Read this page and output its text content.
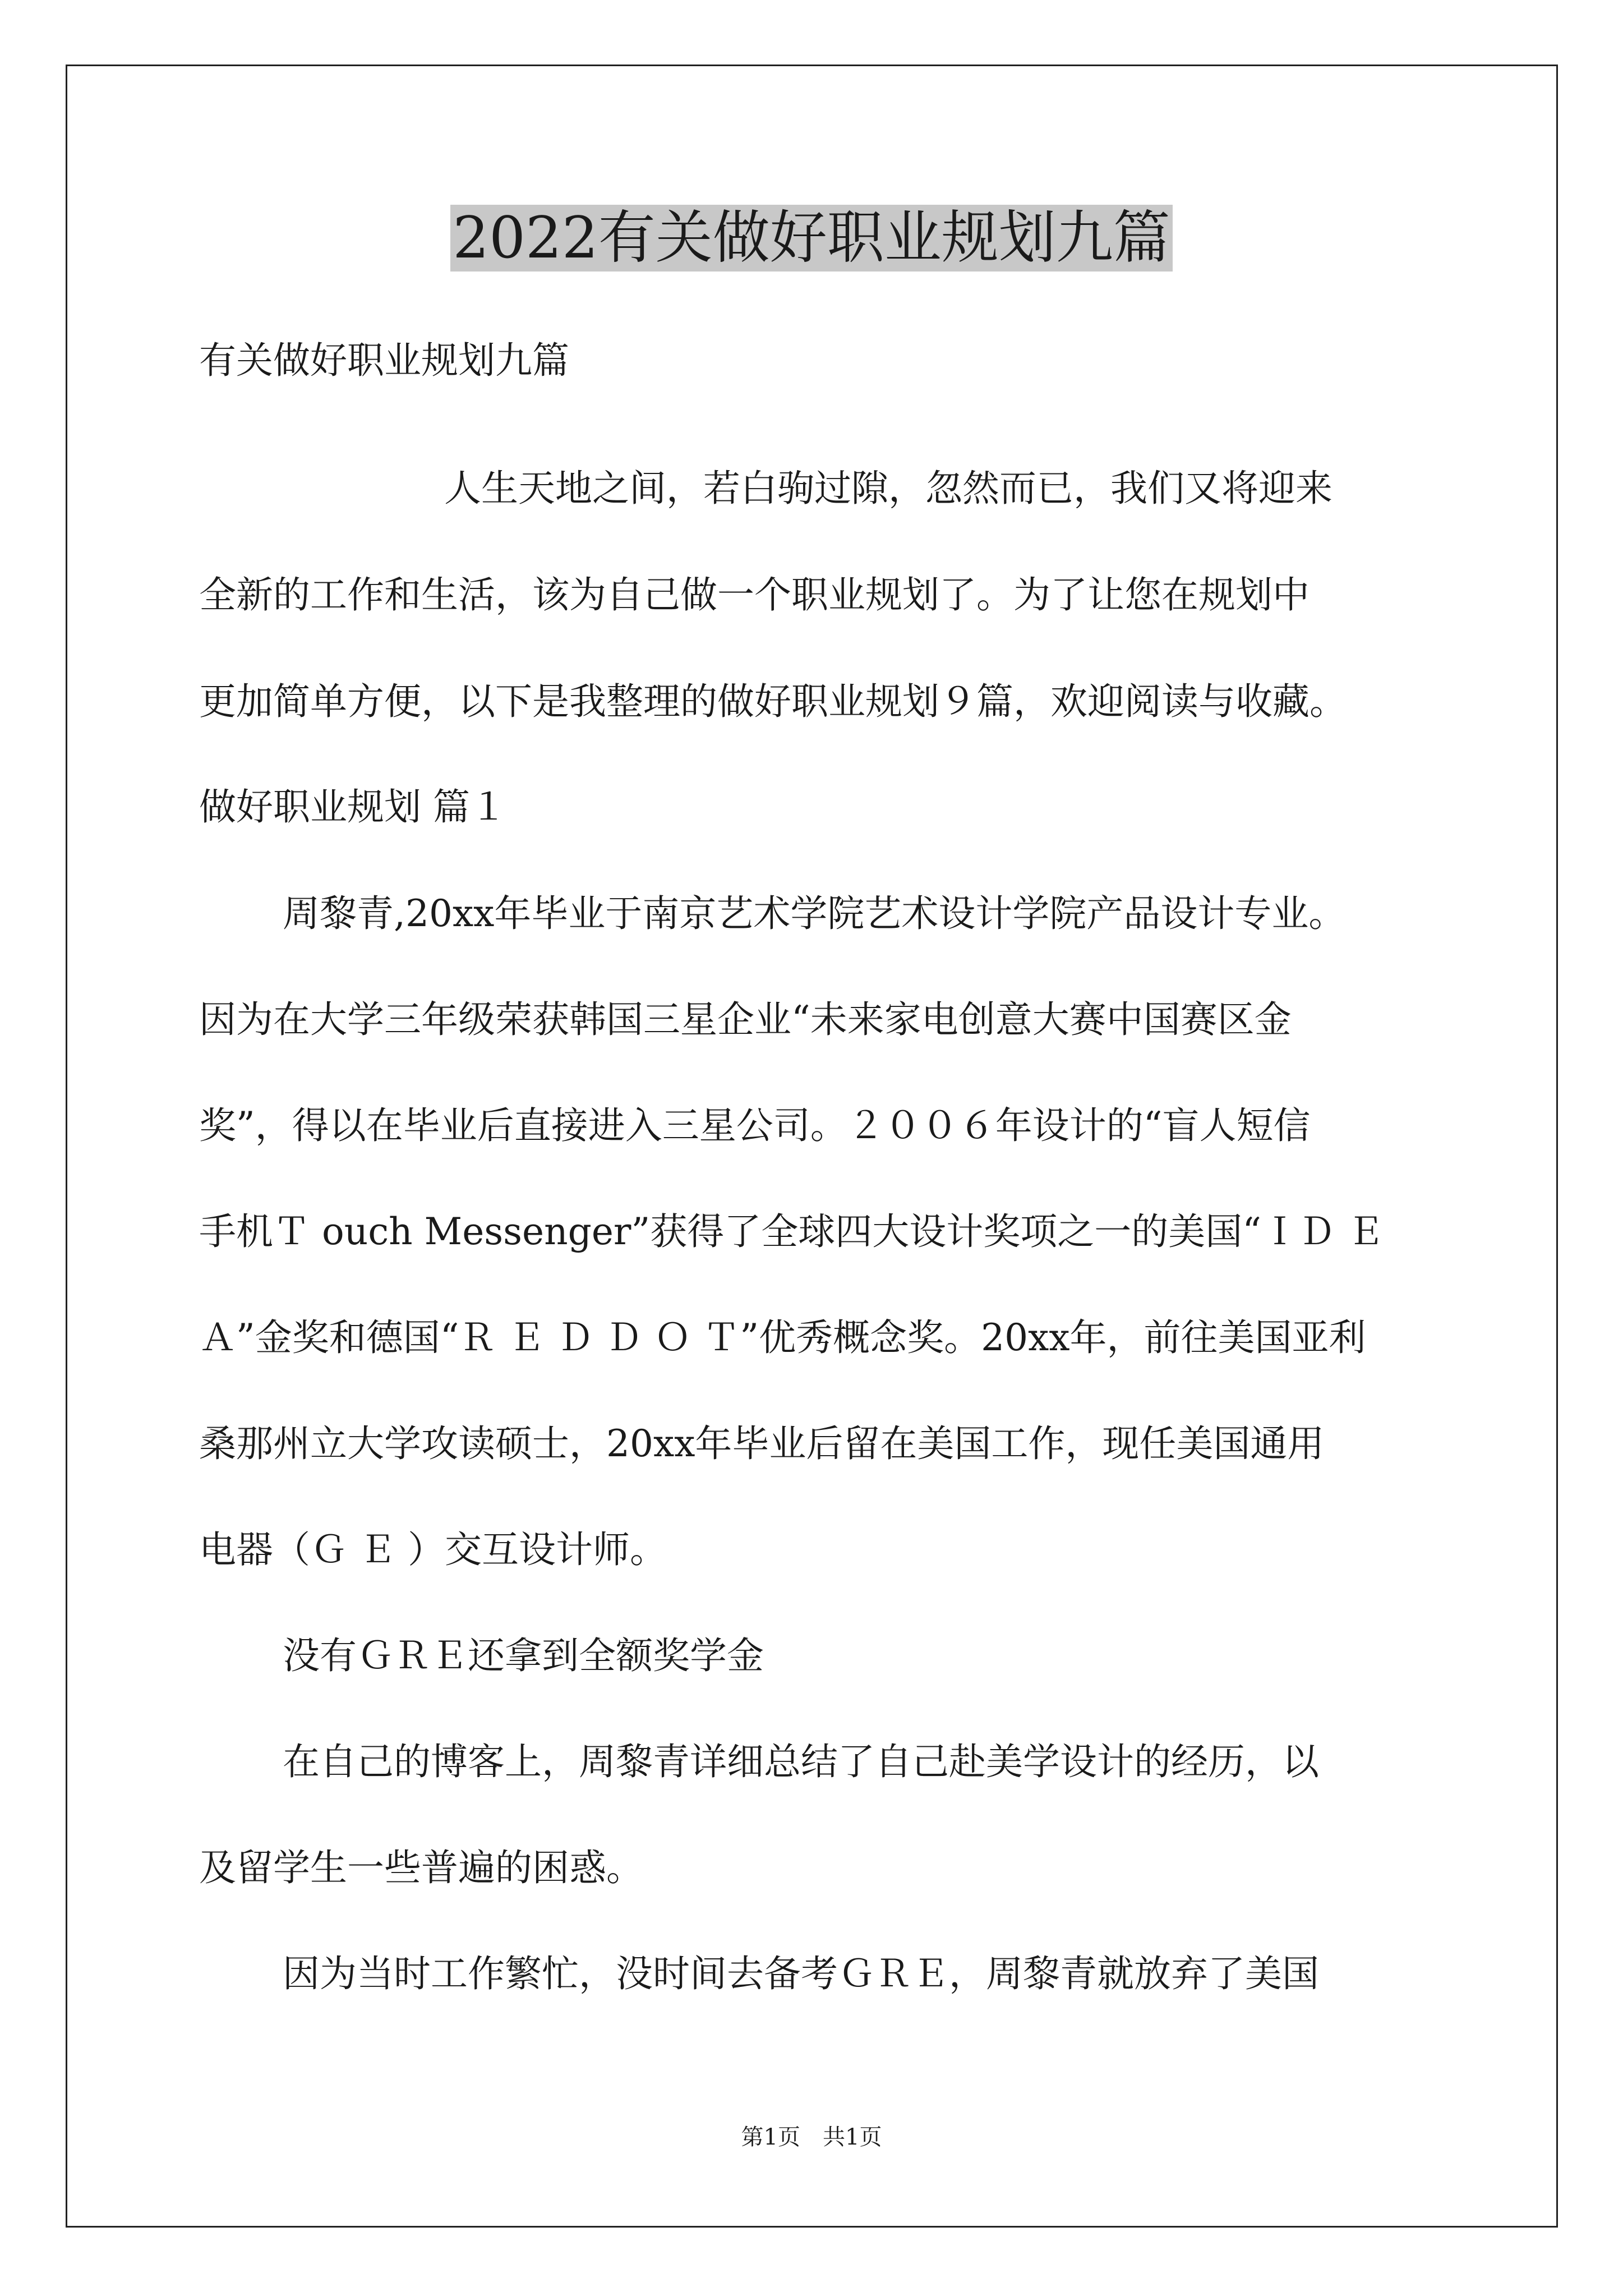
2022有关做好职业规划九篇

有关做好职业规划九篇

人生天地之间，若白驹过隙，忽然而已，我们又将迎来

全新的工作和生活，该为自己做一个职业规划了。为了让您在规划中

更加简单方便，以下是我整理的做好职业规划９篇，欢迎阅读与收藏。

做好职业规划 篇１

周黎青,20xx年毕业于南京艺术学院艺术设计学院产品设计专业。

因为在大学三年级荣获韩国三星企业“未来家电创意大赛中国赛区金

奖”，得以在毕业后直接进入三星公司。２００６年设计的“盲人短信

手机Ｔ ouch Messenger”获得了全球四大设计奖项之一的美国“ＩＤ Ｅ

Ａ”金奖和德国“Ｒ Ｅ Ｄ Ｄ Ｏ Ｔ”优秀概念奖。20xx年，前往美国亚利

桑那州立大学攻读硕士，20xx年毕业后留在美国工作，现任美国通用

电器（Ｇ Ｅ ）交互设计师。

没有ＧＲＥ还拿到全额奖学金

在自己的博客上，周黎青详细总结了自己赴美学设计的经历，以

及留学生一些普遍的困惑。

因为当时工作繁忙，没时间去备考ＧＲＥ，周黎青就放弃了美国

第1页　共1页
